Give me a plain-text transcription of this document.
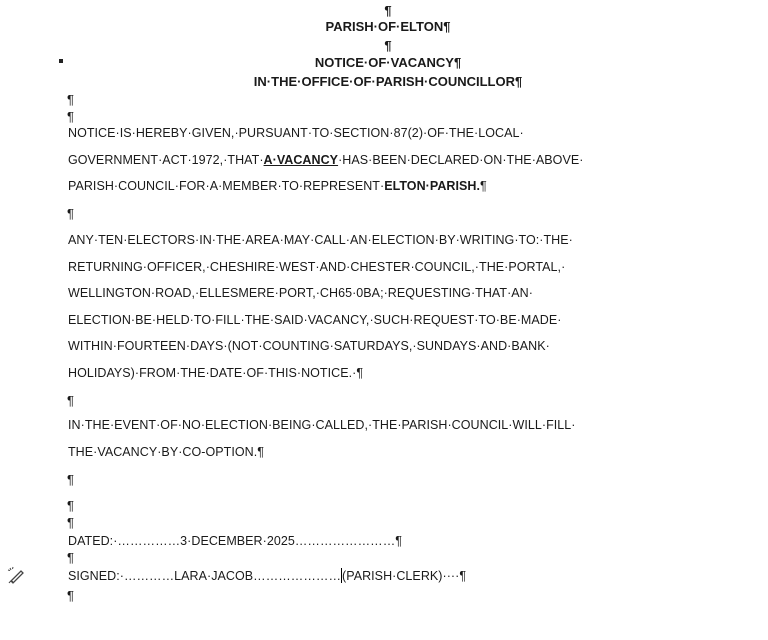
¶
PARISH·OF·ELTON¶
¶
NOTICE·OF·VACANCY¶
IN·THE·OFFICE·OF·PARISH·COUNCILLOR¶
¶
¶
NOTICE·IS·HEREBY·GIVEN,·PURSUANT·TO·SECTION·87(2)·OF·THE·LOCAL·
GOVERNMENT·ACT·1972,·THAT·A·VACANCY·HAS·BEEN·DECLARED·ON·THE·ABOVE·
PARISH·COUNCIL·FOR·A·MEMBER·TO·REPRESENT·ELTON·PARISH.¶
¶
ANY·TEN·ELECTORS·IN·THE·AREA·MAY·CALL·AN·ELECTION·BY·WRITING·TO:·THE·
RETURNING·OFFICER,·CHESHIRE·WEST·AND·CHESTER·COUNCIL,·THE·PORTAL,·
WELLINGTON·ROAD,·ELLESMERE·PORT,·CH65·0BA;·REQUESTING·THAT·AN·
ELECTION·BE·HELD·TO·FILL·THE·SAID·VACANCY,·SUCH·REQUEST·TO·BE·MADE·
WITHIN·FOURTEEN·DAYS·(NOT·COUNTING·SATURDAYS,·SUNDAYS·AND·BANK·
HOLIDAYS)·FROM·THE·DATE·OF·THIS·NOTICE.·¶
¶
IN·THE·EVENT·OF·NO·ELECTION·BEING·CALLED,·THE·PARISH·COUNCIL·WILL·FILL·
THE·VACANCY·BY·CO-OPTION.¶
¶
¶
¶
DATED:·……………3·DECEMBER·2025……………………¶
¶
SIGNED:·…………LARA·JACOB…………………(PARISH·CLERK)····¶
¶
